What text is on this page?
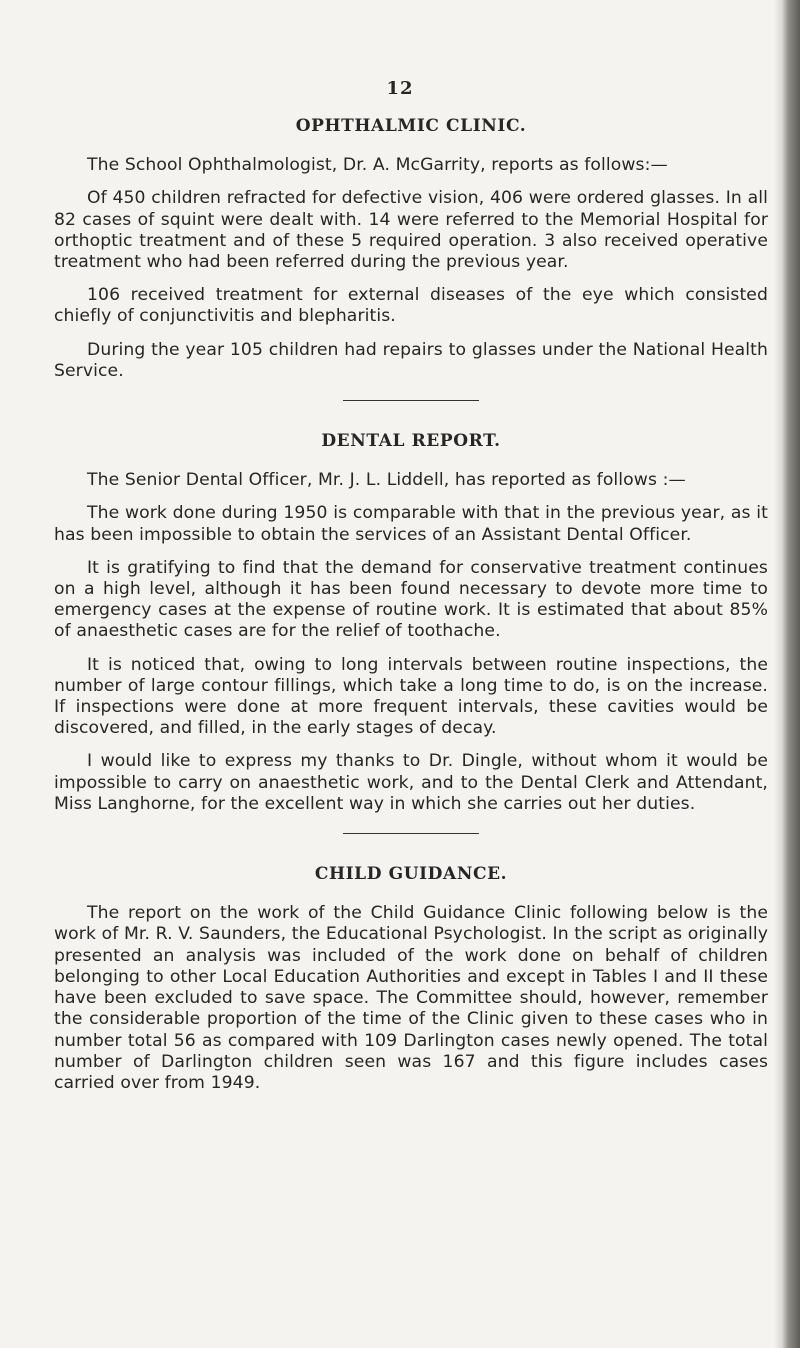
12
OPHTHALMIC CLINIC.

The School Ophthalmologist, Dr. A. McGarrity, reports as follows:—

Of 450 children refracted for defective vision, 406 were ordered glasses. In all 82 cases of squint were dealt with. 14 were referred to the Memorial Hospital for orthoptic treatment and of these 5 required operation. 3 also received operative treatment who had been referred during the previous year.

106 received treatment for external diseases of the eye which consisted chiefly of conjunctivitis and blepharitis.

During the year 105 children had repairs to glasses under the National Health Service.

DENTAL REPORT.

The Senior Dental Officer, Mr. J. L. Liddell, has reported as follows :—

The work done during 1950 is comparable with that in the previous year, as it has been impossible to obtain the services of an Assistant Dental Officer.

It is gratifying to find that the demand for conservative treatment continues on a high level, although it has been found necessary to devote more time to emergency cases at the expense of routine work. It is estimated that about 85% of anaesthetic cases are for the relief of toothache.

It is noticed that, owing to long intervals between routine inspections, the number of large contour fillings, which take a long time to do, is on the increase. If inspections were done at more frequent intervals, these cavities would be discovered, and filled, in the early stages of decay.

I would like to express my thanks to Dr. Dingle, without whom it would be impossible to carry on anaesthetic work, and to the Dental Clerk and Attendant, Miss Langhorne, for the excellent way in which she carries out her duties.

CHILD GUIDANCE.

The report on the work of the Child Guidance Clinic following below is the work of Mr. R. V. Saunders, the Educational Psychologist. In the script as originally presented an analysis was included of the work done on behalf of children belonging to other Local Education Authorities and except in Tables I and II these have been excluded to save space. The Committee should, however, remember the considerable proportion of the time of the Clinic given to these cases who in number total 56 as compared with 109 Darlington cases newly opened. The total number of Darlington children seen was 167 and this figure includes cases carried over from 1949.
